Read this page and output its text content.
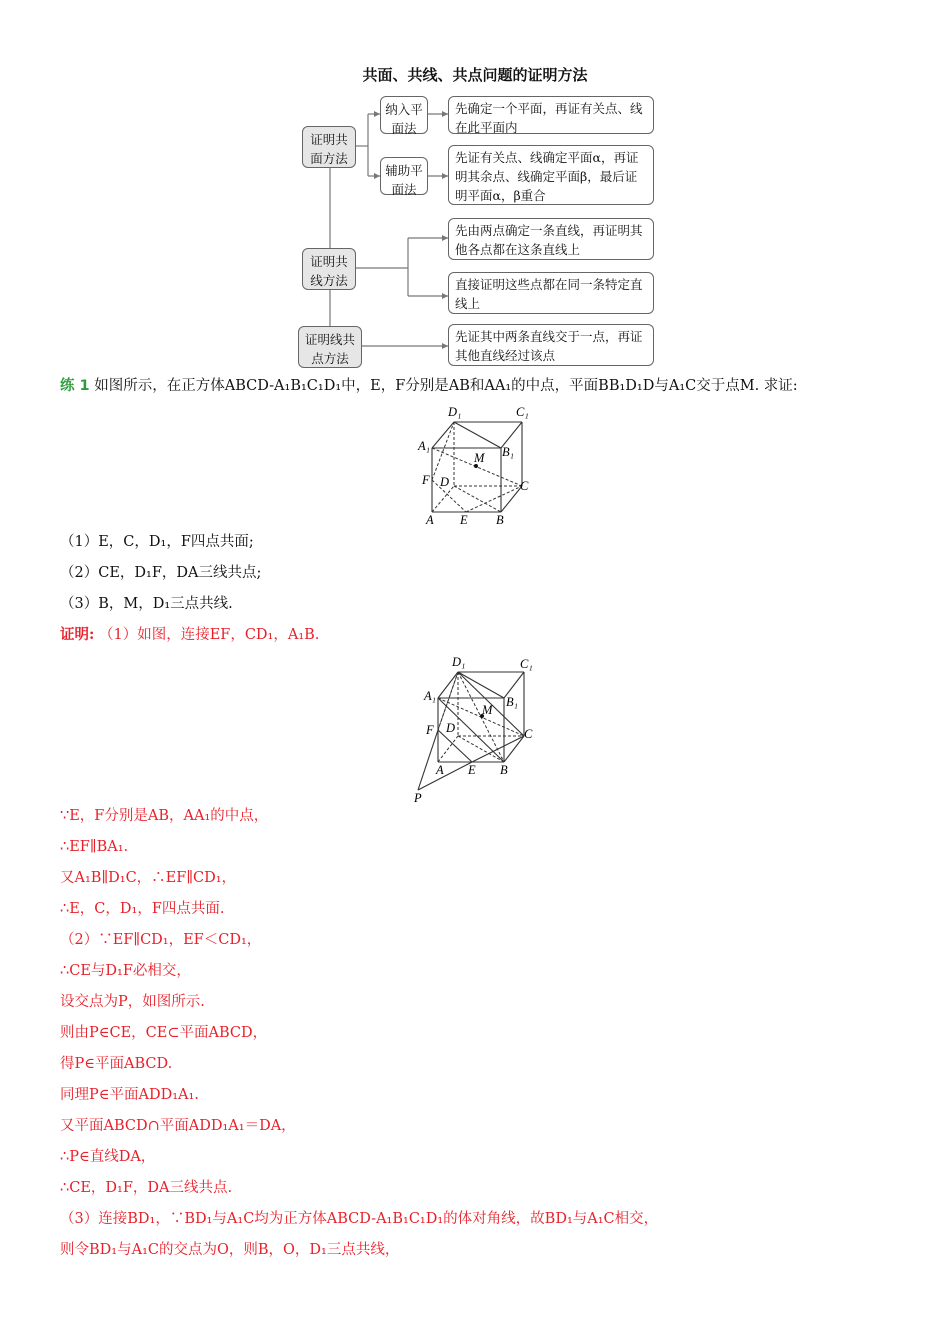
共面、共线、共点问题的证明方法
证明共面方法
纳入平面法
先确定一个平面，再证有关点、线在此平面内
辅助平面法
先证有关点、线确定平面α，再证明其余点、线确定平面β，最后证明平面α，β重合
证明共线方法
先由两点确定一条直线，再证明其他各点都在这条直线上
直接证明这些点都在同一条特定直线上
证明线共点方法
先证其中两条直线交于一点，再证其他直线经过该点
练 1 如图所示，在正方体ABCD-A₁B₁C₁D₁中，E，F分别是AB和AA₁的中点，平面BB₁D₁D与A₁C交于点M. 求证:
D₁	C₁
A₁	B₁
M
F D	C
A E B
（1）E，C，D₁，F四点共面;
（2）CE，D₁F，DA三线共点;
（3）B，M，D₁三点共线.
证明: （1）如图，连接EF，CD₁，A₁B.
D₁	C₁
A₁	B₁
M
F D	C
A E B
P
∵E，F分别是AB，AA₁的中点，
∴EF∥BA₁.
又A₁B∥D₁C，∴EF∥CD₁，
∴E，C，D₁，F四点共面.
（2）∵EF∥CD₁，EF＜CD₁，
∴CE与D₁F必相交，
设交点为P，如图所示.
则由P∈CE，CE⊂平面ABCD，
得P∈平面ABCD.
同理P∈平面ADD₁A₁.
又平面ABCD∩平面ADD₁A₁＝DA，
∴P∈直线DA，
∴CE，D₁F，DA三线共点.
（3）连接BD₁，∵BD₁与A₁C均为正方体ABCD-A₁B₁C₁D₁的体对角线，故BD₁与A₁C相交，
则令BD₁与A₁C的交点为O，则B，O，D₁三点共线，
